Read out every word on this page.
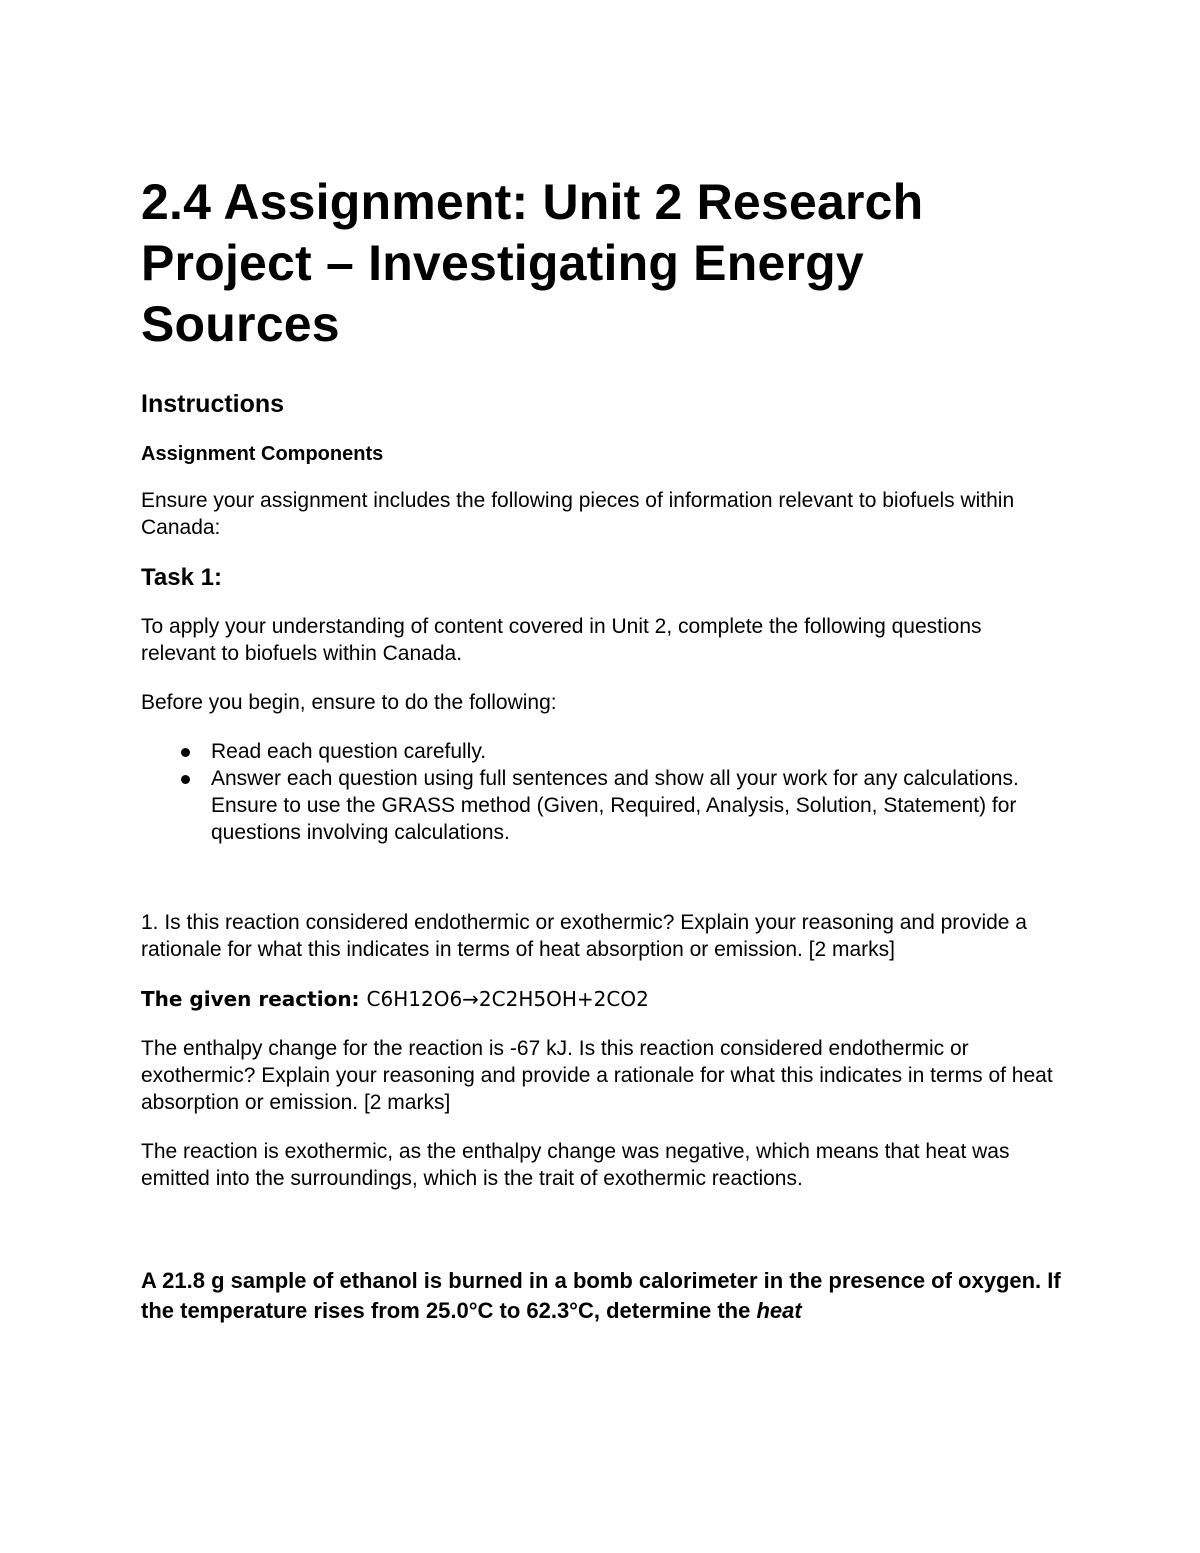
2.4 Assignment: Unit 2 Research Project – Investigating Energy Sources
Instructions
Assignment Components

Ensure your assignment includes the following pieces of information relevant to biofuels within Canada:

Task 1:

To apply your understanding of content covered in Unit 2, complete the following questions relevant to biofuels within Canada.

Before you begin, ensure to do the following:

Read each question carefully.
Answer each question using full sentences and show all your work for any calculations. Ensure to use the GRASS method (Given, Required, Analysis, Solution, Statement) for questions involving calculations.

1. Is this reaction considered endothermic or exothermic? Explain your reasoning and provide a rationale for what this indicates in terms of heat absorption or emission. [2 marks]

The given reaction: C6H12O6→2C2H5OH+2CO2

The enthalpy change for the reaction is -67 kJ. Is this reaction considered endothermic or exothermic? Explain your reasoning and provide a rationale for what this indicates in terms of heat absorption or emission. [2 marks]

The reaction is exothermic, as the enthalpy change was negative, which means that heat was emitted into the surroundings, which is the trait of exothermic reactions.

A 21.8 g sample of ethanol is burned in a bomb calorimeter in the presence of oxygen. If the temperature rises from 25.0°C to 62.3°C, determine the heat
